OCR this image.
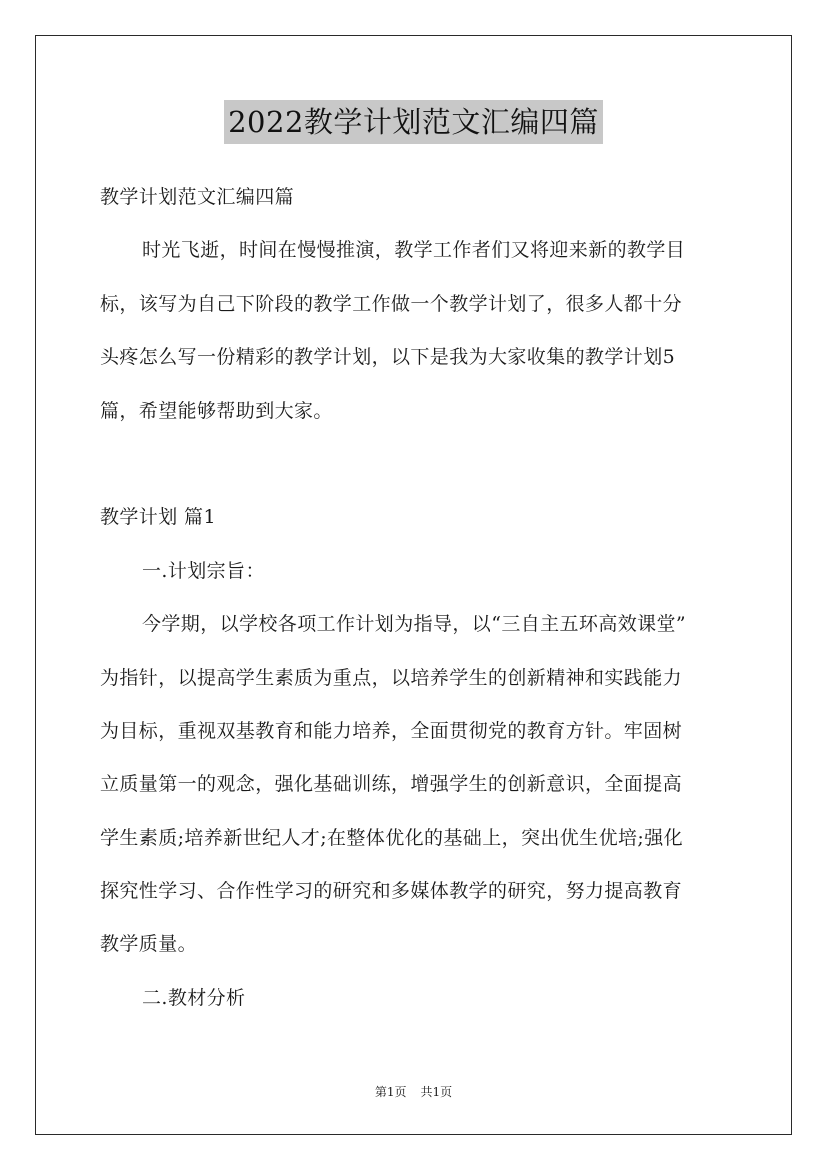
2022教学计划范文汇编四篇
教学计划范文汇编四篇
时光飞逝，时间在慢慢推演，教学工作者们又将迎来新的教学目
标，该写为自己下阶段的教学工作做一个教学计划了，很多人都十分
头疼怎么写一份精彩的教学计划，以下是我为大家收集的教学计划5
篇，希望能够帮助到大家。
教学计划 篇1
一.计划宗旨：
今学期，以学校各项工作计划为指导，以“三自主五环高效课堂”
为指针，以提高学生素质为重点，以培养学生的创新精神和实践能力
为目标，重视双基教育和能力培养，全面贯彻党的教育方针。牢固树
立质量第一的观念，强化基础训练，增强学生的创新意识，全面提高
学生素质;培养新世纪人才;在整体优化的基础上，突出优生优培;强化
探究性学习、合作性学习的研究和多媒体教学的研究，努力提高教育
教学质量。
二.教材分析
第1页 共1页
